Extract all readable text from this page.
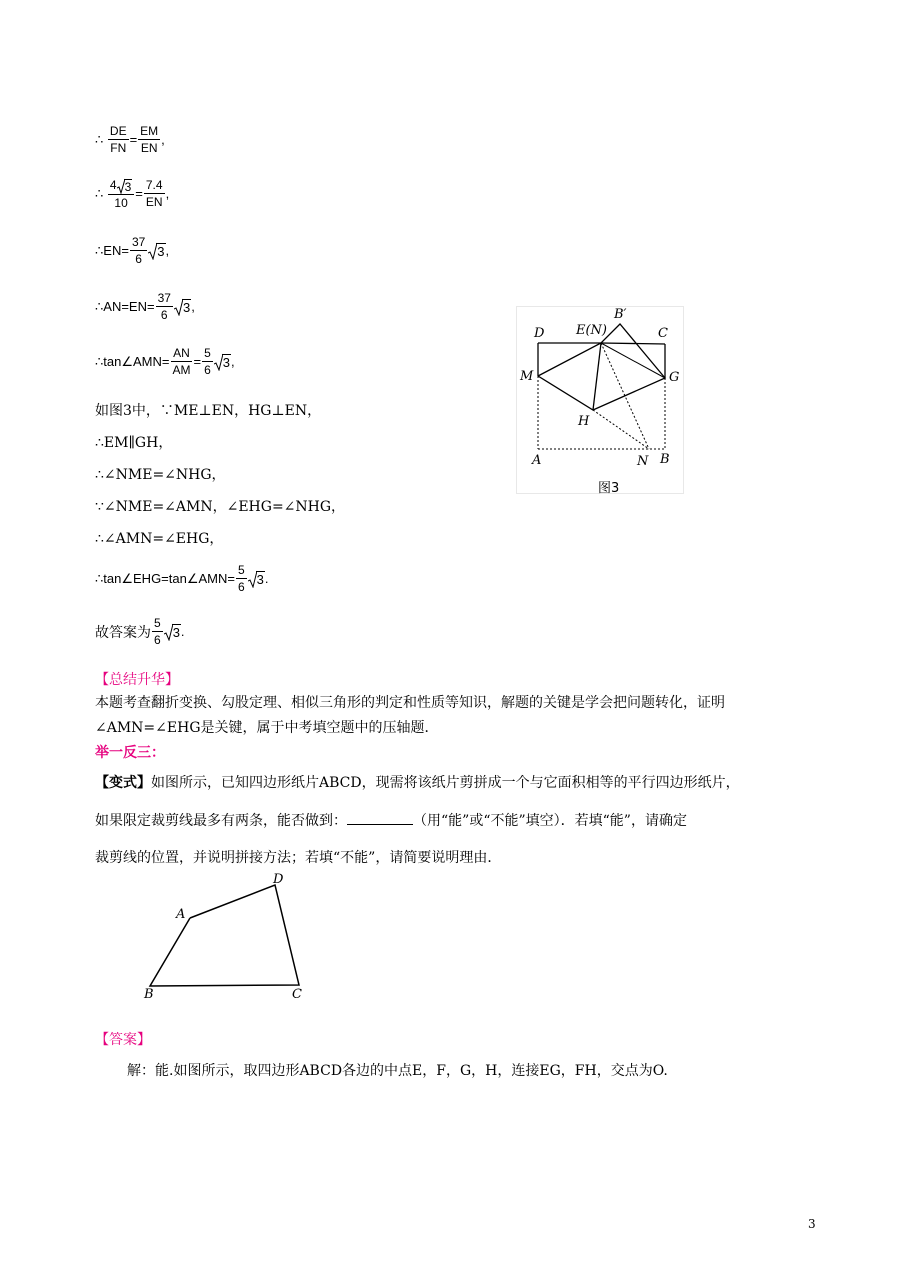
∴ $\frac{DE}{FN} = \frac{EM}{EN}$ ,
∴ $\frac{4 3}{10} = \frac{7.4}{EN}$ ,
∴EN= $\frac{37}{6} 3$ ,
∴AN=EN= $\frac{37}{6} 3$ ,
∴tan∠AMN= $\frac{AN}{AM} = \frac{5}{6} 3$ ,
如图3中，∵ME⊥EN，HG⊥EN，
∴EM∥GH，
∴∠NME=∠NHG，
∵∠NME=∠AMN，∠EHG=∠NHG，
∴∠AMN=∠EHG，
∴tan∠EHG=tan∠AMN= $\frac{5}{6} 3$ .
故答案为 $\frac{5}{6} 3$ .
D E(N)
B′
C
M	G
H
A	N B
图3
【总结升华】
本题考查翻折变换、勾股定理、相似三角形的判定和性质等知识，解题的关键是学会把问题转化，证明∠AMN=∠EHG是关键，属于中考填空题中的压轴题．
举一反三：
【变式】如图所示，已知四边形纸片ABCD，现需将该纸片剪拼成一个与它面积相等的平行四边形纸片，
如果限定裁剪线最多有两条，能否做到：	（用“能”或“不能”填空）．若填“能”，请确定
裁剪线的位置，并说明拼接方法；若填“不能”，请简要说明理由．
A
D
B	C
【答案】
解：能.如图所示，取四边形ABCD各边的中点E，F，G，H，连接EG，FH，交点为O.
3
